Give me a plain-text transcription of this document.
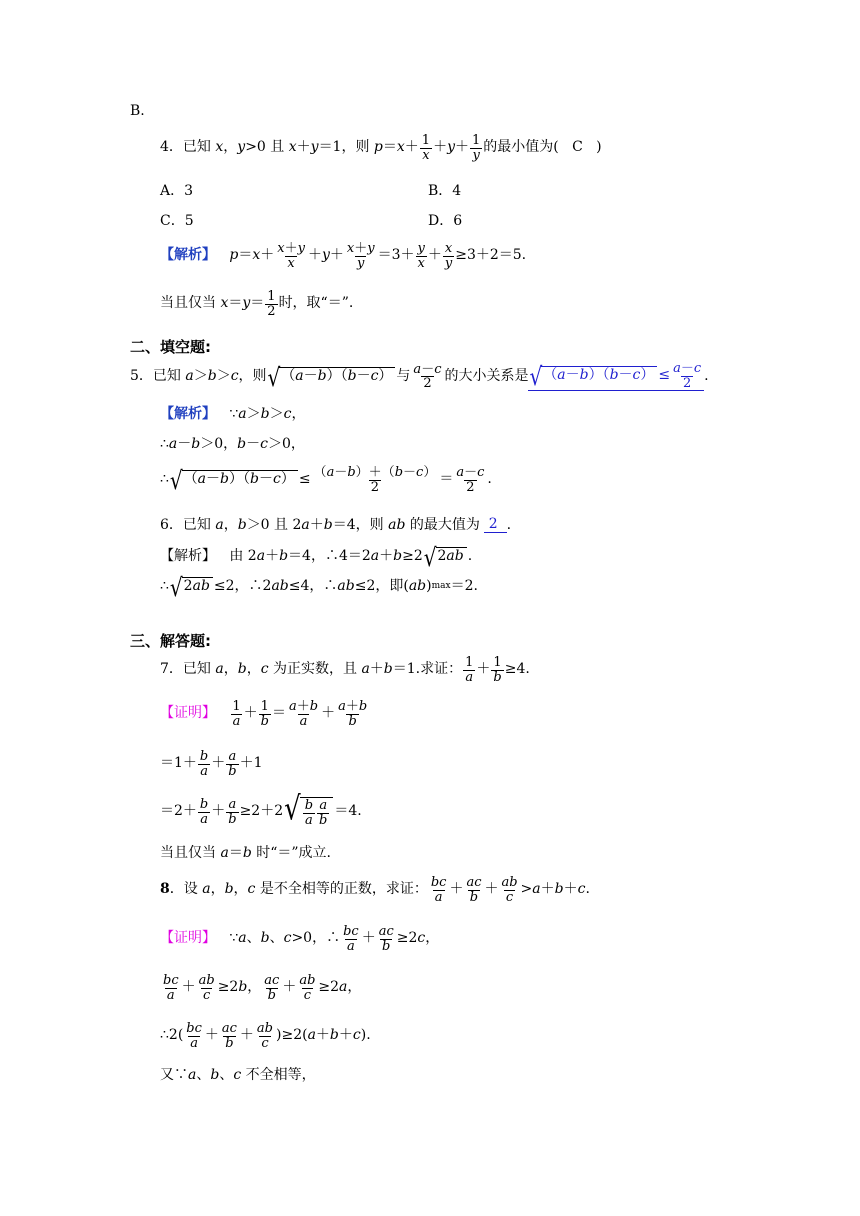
B.
4．已知 x ， y >0 且 x ＋ y ＝1，则 $p = x + \frac{1}{x} + y + \frac{1}{y}$ 的最小值为(   C   )
A．3	B．4
C．5	D．6
【解析】
$p = x + \frac{x+y}{x} + y + \frac{x+y}{y} =3+ \frac{y}{x} + \frac{x}{y} \ge 3+2=5$.
当且仅当 $x = y = \frac{1}{2}$ 时，取“＝”.
二、填空题:
5．已知 a ＞ b ＞ c ，则 √ （a－b）（b－c） 与 $\frac{a-c}{2}$ 的大小关系是 √ $(a-b)(b-c) \le \frac{a-c}{2}$ .
【解析】 ∵ a ＞ b ＞ c ，
∴ a － b ＞0， b － c ＞0，
∴ √ $(a-b)(b-c) \le \frac{(a-b)+(b-c)}{2} = \frac{a-c}{2}$ .
6．已知 a ， b ＞0 且 2 a ＋ b ＝4，则 ab 的最大值为 2 .
【解析】   由 2 a ＋ b ＝4，∴4＝2 a ＋ b ≥2 √ 2ab .
∴ √ 2ab ≤2，∴2 ab ≤4，∴ ab ≤2，即( ab ) max ＝2.
三、解答题:
7．已知 a ， b ， c 为正实数，且 a ＋ b ＝1.求证： $\frac{1}{a} + \frac{1}{b} \ge 4$.
【证明】
$\frac{1}{a} + \frac{1}{b} = \frac{a+b}{a} + \frac{a+b}{b}$
$=1+ \frac{b}{a} + \frac{a}{b} +1$
$=2+ \frac{b}{a} + \frac{a}{b} \ge 2+2$ √ $\frac{b}{a} \frac{a}{b} =4$.
当且仅当 a ＝ b 时“＝”成立.
8 ．设 a ， b ， c 是不全相等的正数，求证： $\frac{bc}{a} + \frac{ac}{b} + \frac{ab}{c} > a + b + c$ .
【证明】 ∵ a 、 b 、 c >0，∴ $\frac{bc}{a} + \frac{ac}{b} \ge 2$ c ，
$\frac{bc}{a} + \frac{ab}{c} \ge 2$ b ， $\frac{ac}{b} + \frac{ab}{c} \ge 2$ a ，
∴2( $\frac{bc}{a} + \frac{ac}{b} + \frac{ab}{c} )\ge 2$( a ＋ b ＋ c ).
又∵ a 、 b 、 c 不全相等，
